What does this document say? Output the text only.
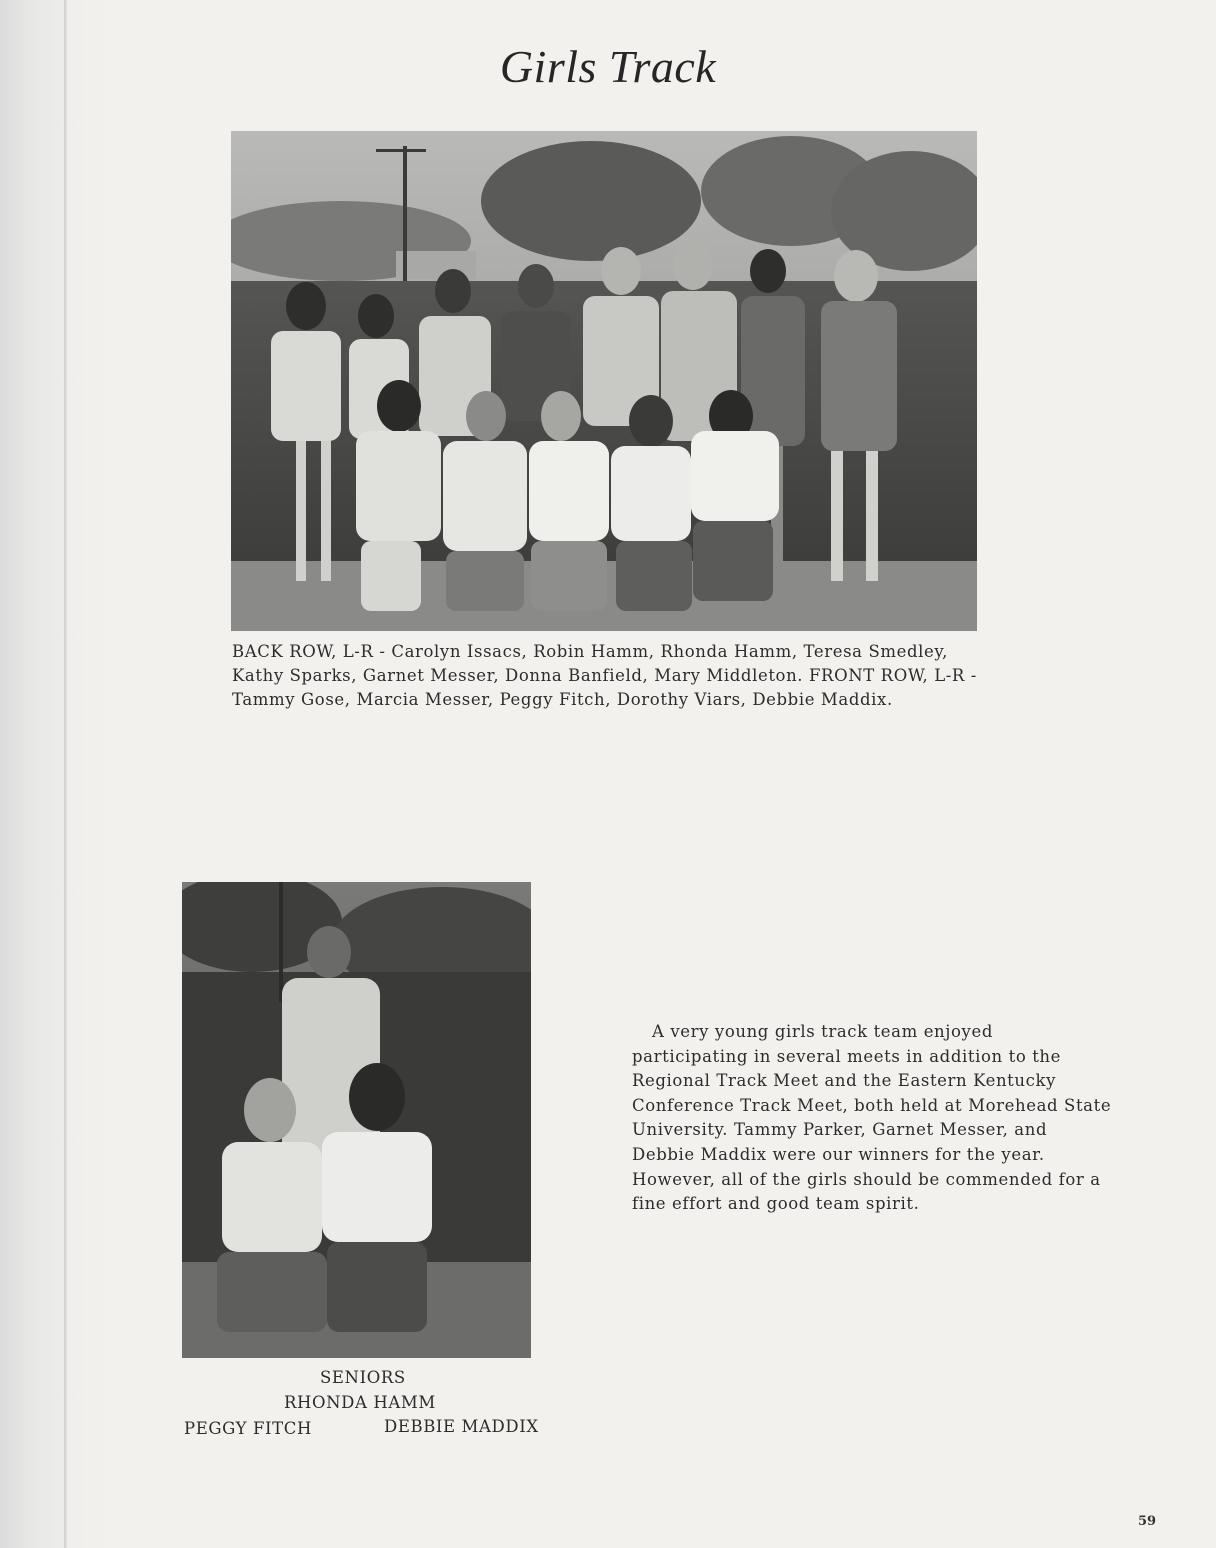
Girls Track
BACK ROW, L-R - Carolyn Issacs, Robin Hamm, Rhonda Hamm, Teresa Smedley, Kathy Sparks, Garnet Messer, Donna Banfield, Mary Middleton. FRONT ROW, L-R - Tammy Gose, Marcia Messer, Peggy Fitch, Dorothy Viars, Debbie Maddix.
SENIORS
RHONDA HAMM
PEGGY FITCH	DEBBIE MADDIX

A very young girls track team enjoyed participating in several meets in addition to the Regional Track Meet and the Eastern Kentucky Conference Track Meet, both held at Morehead State University. Tammy Parker, Garnet Messer, and Debbie Maddix were our winners for the year. However, all of the girls should be commended for a fine effort and good team spirit.

59
